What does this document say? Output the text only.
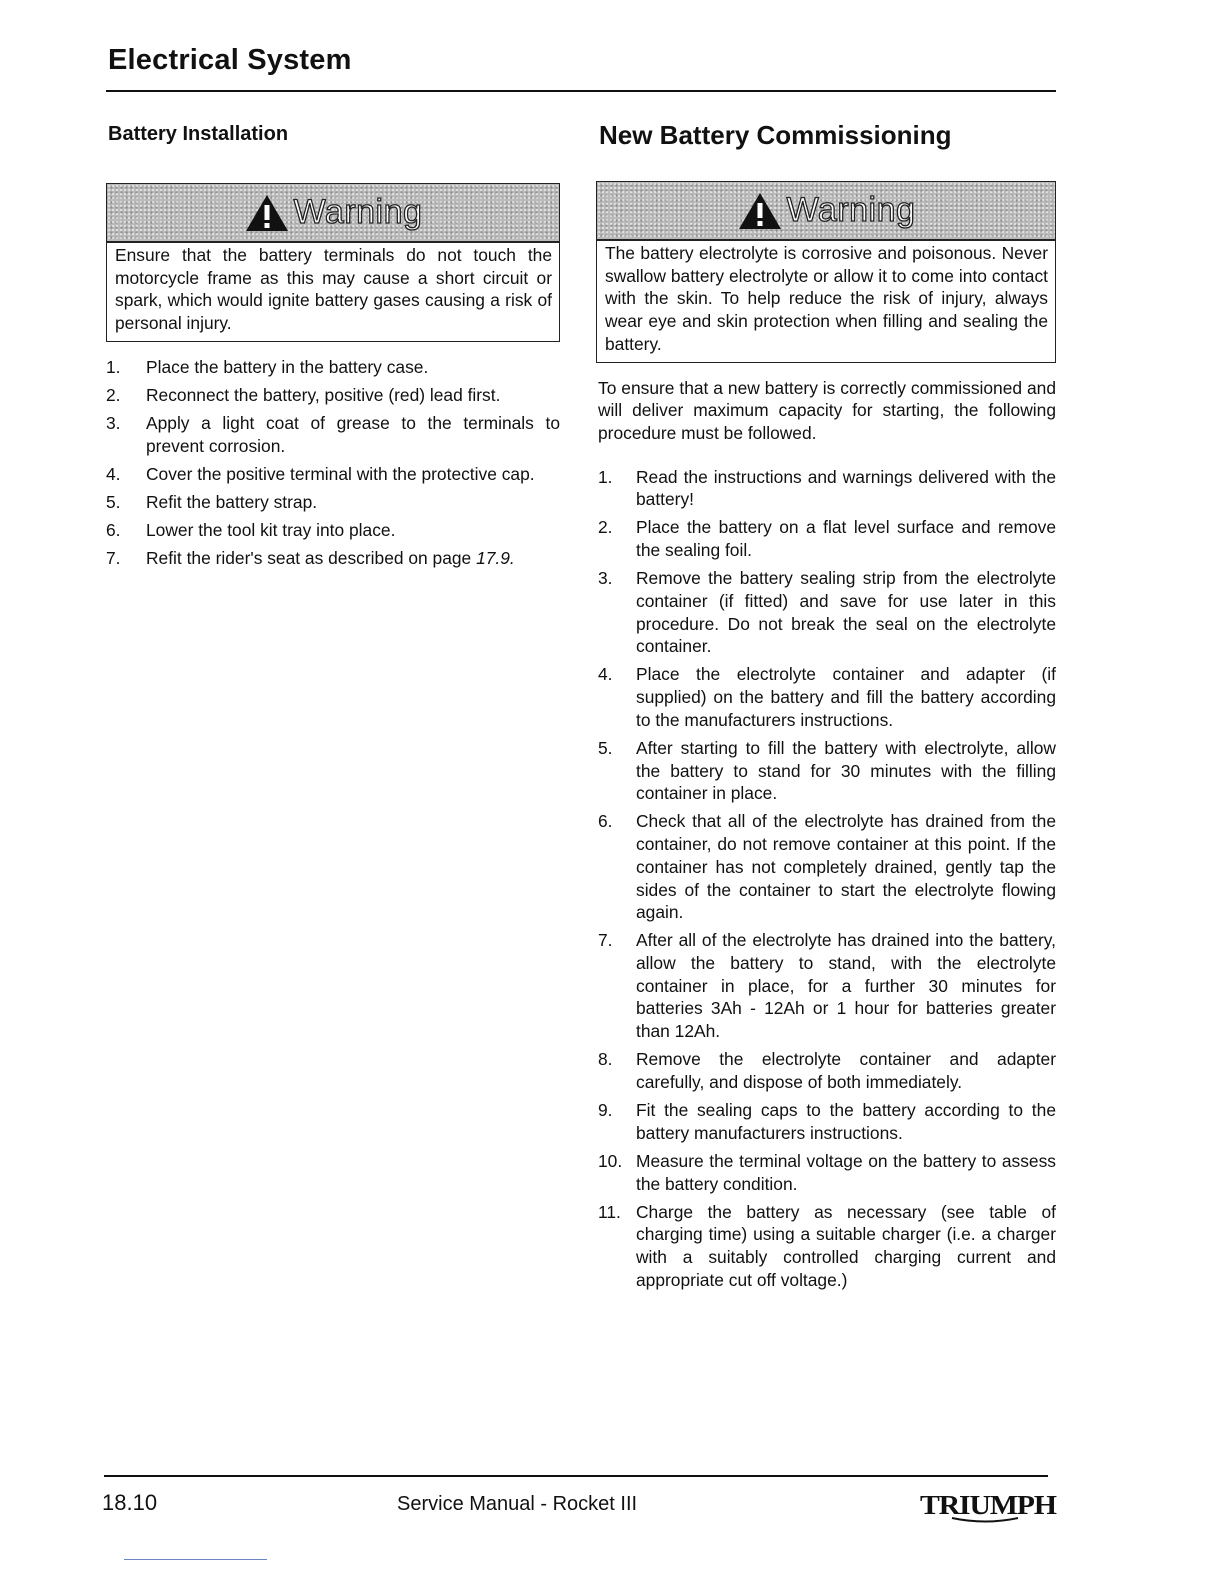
Electrical System
Battery Installation
Warning
Ensure that the battery terminals do not touch the motorcycle frame as this may cause a short circuit or spark, which would ignite battery gases causing a risk of personal injury.
1. Place the battery in the battery case.
2. Reconnect the battery, positive (red) lead first.
3. Apply a light coat of grease to the terminals to prevent corrosion.
4. Cover the positive terminal with the protective cap.
5. Refit the battery strap.
6. Lower the tool kit tray into place.
7. Refit the rider's seat as described on page 17.9.
New Battery Commissioning
Warning
The battery electrolyte is corrosive and poisonous. Never swallow battery electrolyte or allow it to come into contact with the skin. To help reduce the risk of injury, always wear eye and skin protection when filling and sealing the battery.

To ensure that a new battery is correctly commissioned and will deliver maximum capacity for starting, the following procedure must be followed.

1. Read the instructions and warnings delivered with the battery!
2. Place the battery on a flat level surface and remove the sealing foil.
3. Remove the battery sealing strip from the electrolyte container (if fitted) and save for use later in this procedure. Do not break the seal on the electrolyte container.
4. Place the electrolyte container and adapter (if supplied) on the battery and fill the battery according to the manufacturers instructions.
5. After starting to fill the battery with electrolyte, allow the battery to stand for 30 minutes with the filling container in place.
6. Check that all of the electrolyte has drained from the container, do not remove container at this point. If the container has not completely drained, gently tap the sides of the container to start the electrolyte flowing again.
7. After all of the electrolyte has drained into the battery, allow the battery to stand, with the electrolyte container in place, for a further 30 minutes for batteries 3Ah - 12Ah or 1 hour for batteries greater than 12Ah.
8. Remove the electrolyte container and adapter carefully, and dispose of both immediately.
9. Fit the sealing caps to the battery according to the battery manufacturers instructions.
10. Measure the terminal voltage on the battery to assess the battery condition.
11. Charge the battery as necessary (see table of charging time) using a suitable charger (i.e. a charger with a suitably controlled charging current and appropriate cut off voltage.)
18.10	Service Manual - Rocket III	TRIUMPH
